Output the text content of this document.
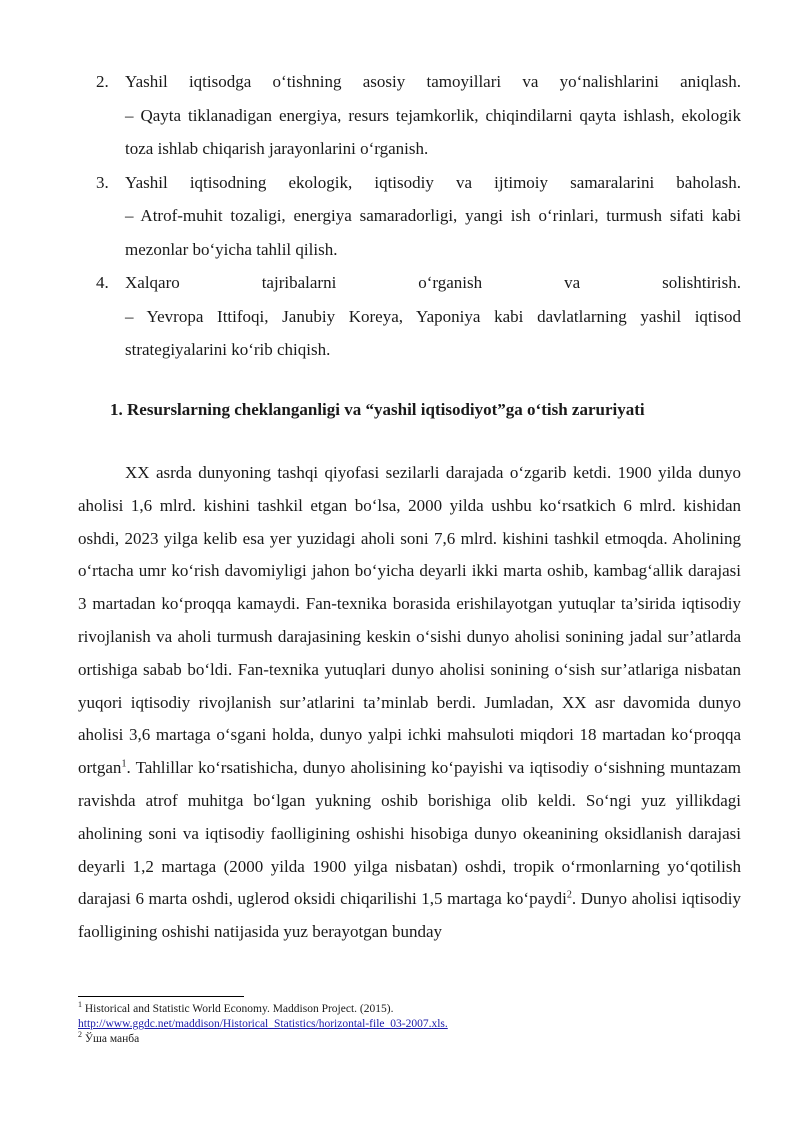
2. Yashil iqtisodga o‘tishning asosiy tamoyillari va yo‘nalishlarini aniqlash.
– Qayta tiklanadigan energiya, resurs tejamkorlik, chiqindilarni qayta ishlash, ekologik toza ishlab chiqarish jarayonlarini o‘rganish.
3. Yashil iqtisodning ekologik, iqtisodiy va ijtimoiy samaralarini baholash.
– Atrof-muhit tozaligi, energiya samaradorligi, yangi ish o‘rinlari, turmush sifati kabi mezonlar bo‘yicha tahlil qilish.
4. Xalqaro tajribalarni o‘rganish va solishtirish.
– Yevropa Ittifoqi, Janubiy Koreya, Yaponiya kabi davlatlarning yashil iqtisod strategiyalarini ko‘rib chiqish.
1. Resurslarning cheklanganligi va “yashil iqtisodiyot”ga o‘tish zaruriyati

XX asrda dunyoning tashqi qiyofasi sezilarli darajada o‘zgarib ketdi. 1900 yilda dunyo aholisi 1,6 mlrd. kishini tashkil etgan bo‘lsa, 2000 yilda ushbu ko‘rsatkich 6 mlrd. kishidan oshdi, 2023 yilga kelib esa yer yuzidagi aholi soni 7,6 mlrd. kishini tashkil etmoqda. Aholining o‘rtacha umr ko‘rish davomiyligi jahon bo‘yicha deyarli ikki marta oshib, kambag‘allik darajasi 3 martadan ko‘proqqa kamaydi. Fan-texnika borasida erishilayotgan yutuqlar ta’sirida iqtisodiy rivojlanish va aholi turmush darajasining keskin o‘sishi dunyo aholisi sonining jadal sur’atlarda ortishiga sabab bo‘ldi. Fan-texnika yutuqlari dunyo aholisi sonining o‘sish sur’atlariga nisbatan yuqori iqtisodiy rivojlanish sur’atlarini ta’minlab berdi. Jumladan, XX asr davomida dunyo aholisi 3,6 martaga o‘sgani holda, dunyo yalpi ichki mahsuloti miqdori 18 martadan ko‘proqqa ortgan$^1$. Tahlillar ko‘rsatishicha, dunyo aholisining ko‘payishi va iqtisodiy o‘sishning muntazam ravishda atrof muhitga bo‘lgan yukning oshib borishiga olib keldi. So‘ngi yuz yillikdagi aholining soni va iqtisodiy faolligining oshishi hisobiga dunyo okeanining oksidlanish darajasi deyarli 1,2 martaga (2000 yilda 1900 yilga nisbatan) oshdi, tropik o‘rmonlarning yo‘qotilish darajasi 6 marta oshdi, uglerod oksidi chiqarilishi 1,5 martaga ko‘paydi$^2$. Dunyo aholisi iqtisodiy faolligining oshishi natijasida yuz berayotgan bunday

$^1$ Historical and Statistic World Economy. Maddison Project. (2015).
http://www.ggdc.net/maddison/Historical_Statistics/horizontal-file_03-2007.xls.
$^2$ Ўша манба
